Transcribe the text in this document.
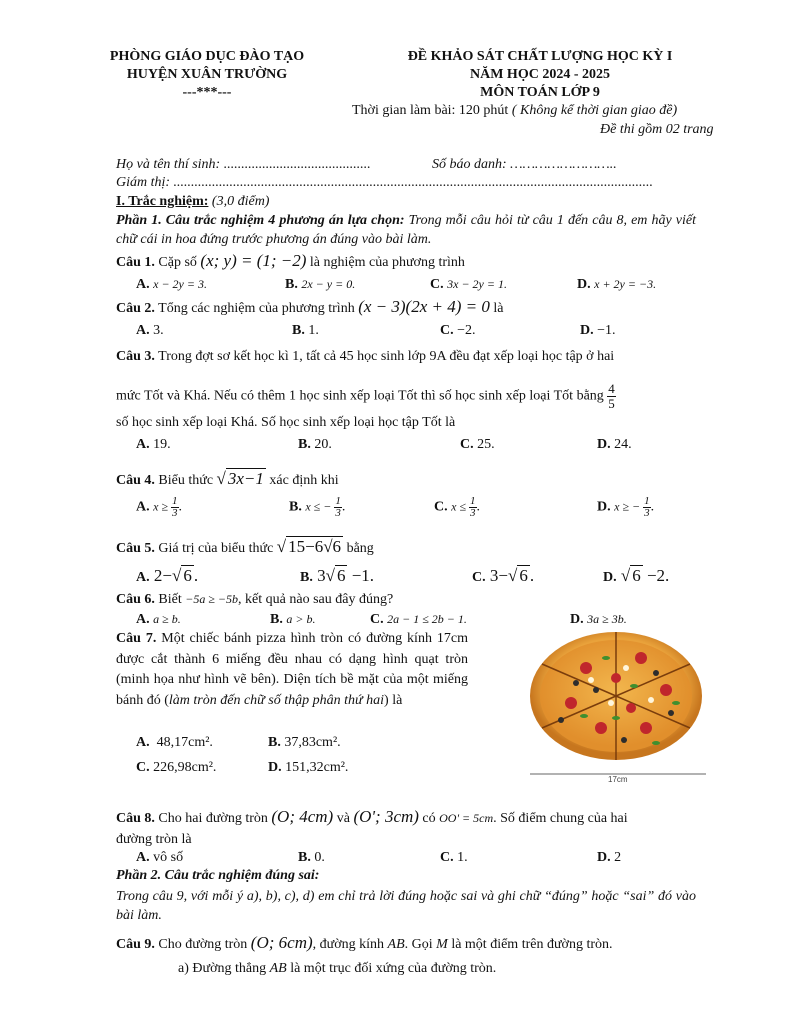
PHÒNG GIÁO DỤC ĐÀO TẠO
HUYỆN XUÂN TRƯỜNG
---***---
ĐỀ KHẢO SÁT CHẤT LƯỢNG HỌC KỲ I
NĂM HỌC 2024 - 2025
MÔN TOÁN LỚP 9
Thời gian làm bài: 120 phút ( Không kể thời gian giao đề)
Đề thi gồm 02 trang
Họ và tên thí sinh: ..........................................	Số báo danh: ……………………..
Giám thị: .........................................................................................................................................
I. Trắc nghiệm: (3,0 điểm)
Phần 1. Câu trắc nghiệm 4 phương án lựa chọn: Trong mỗi câu hỏi từ câu 1 đến câu 8, em hãy viết chữ cái in hoa đứng trước phương án đúng vào bài làm.
Câu 1. Cặp số (x; y) = (1; −2) là nghiệm của phương trình
A. x − 2y = 3.	B. 2x − y = 0.	C. 3x − 2y = 1.	D. x + 2y = −3.
Câu 2. Tổng các nghiệm của phương trình (x − 3)(2x + 4) = 0 là
A. 3.	B. 1.	C. −2.	D. −1.
Câu 3. Trong đợt sơ kết học kì 1, tất cả 45 học sinh lớp 9A đều đạt xếp loại học tập ở hai
mức Tốt và Khá. Nếu có thêm 1 học sinh xếp loại Tốt thì số học sinh xếp loại Tốt bằng $\frac{4}{5}$
số học sinh xếp loại Khá. Số học sinh xếp loại học tập Tốt là
A. 19.	B. 20.	C. 25.	D. 24.
Câu 4. Biểu thức √ 3x−1 xác định khi
A. $x \ge \frac{1}{3}$ .	B. x ≤ − $\frac{1}{3}$ .	C. $x \le \frac{1}{3}$ .	D. x ≥ − $\frac{1}{3}$ .
Câu 5. Giá trị của biểu thức √ 15−6√6 bằng
A. 2−√ 6 .	B. 3√ 6 −1.	C. 3−√ 6 .	D. √ 6 −2.
Câu 6. Biết −5a ≥ −5b, kết quả nào sau đây đúng?
A. a ≥ b.	B. a > b.	C. 2a − 1 ≤ 2b − 1.	D. 3a ≥ 3b.
Câu 7. Một chiếc bánh pizza hình tròn có đường kính 17cm được cắt thành 6 miếng đều nhau có dạng hình quạt tròn (minh họa như hình vẽ bên). Diện tích bề mặt của một miếng bánh đó (làm tròn đến chữ số thập phân thứ hai) là
A. 48,17cm².	B. 37,83cm².
C. 226,98cm².	D. 151,32cm².
17cm
Câu 8. Cho hai đường tròn (O; 4cm) và (O'; 3cm) có OO' = 5cm. Số điểm chung của hai
đường tròn là
A. vô số	B. 0.	C. 1.	D. 2
Phần 2. Câu trắc nghiệm đúng sai:
Trong câu 9, với mỗi ý a), b), c), d) em chỉ trả lời đúng hoặc sai và ghi chữ “đúng” hoặc “sai” đó vào bài làm.
Câu 9. Cho đường tròn (O; 6cm), đường kính AB. Gọi M là một điểm trên đường tròn.
a) Đường thẳng AB là một trục đối xứng của đường tròn.
